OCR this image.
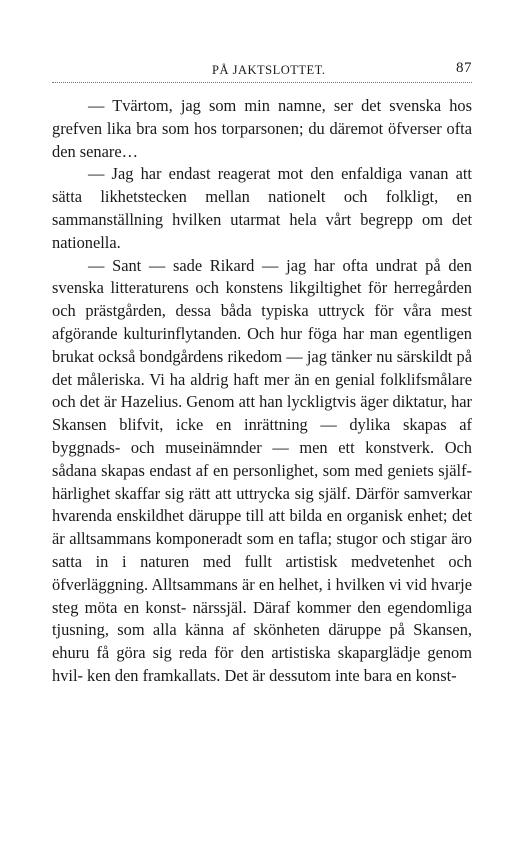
PÅ JAKTSLOTTET.	87

— Tvärtom, jag som min namne, ser det svenska hos grefven lika bra som hos torparsonen; du däremot öfverser ofta den senare…

— Jag har endast reagerat mot den enfaldiga vanan att sätta likhetstecken mellan nationelt och folkligt, en sammanställning hvilken utarmat hela vårt begrepp om det nationella.

— Sant — sade Rikard — jag har ofta undrat på den svenska litteraturens och konstens likgiltighet för herregården och prästgården, dessa båda typiska uttryck för våra mest afgörande kulturinflytanden. Och hur föga har man egentligen brukat också bondgårdens rikedom — jag tänker nu särskildt på det måleriska. Vi ha aldrig haft mer än en genial folklifsmålare och det är Hazelius. Genom att han lyckligtvis äger diktatur, har Skansen blifvit, icke en inrättning — dylika skapas af byggnads- och museinämnder — men ett konstverk. Och sådana skapas endast af en personlighet, som med geniets själf- härlighet skaffar sig rätt att uttrycka sig själf. Därför samverkar hvarenda enskildhet däruppe till att bilda en organisk enhet; det är alltsammans komponeradt som en tafla; stugor och stigar äro satta in i naturen med fullt artistisk medvetenhet och öfverläggning. Alltsammans är en helhet, i hvilken vi vid hvarje steg möta en konst- närssjäl. Däraf kommer den egendomliga tjusning, som alla känna af skönheten däruppe på Skansen, ehuru få göra sig reda för den artistiska skaparglädje genom hvil- ken den framkallats. Det är dessutom inte bara en konst-
